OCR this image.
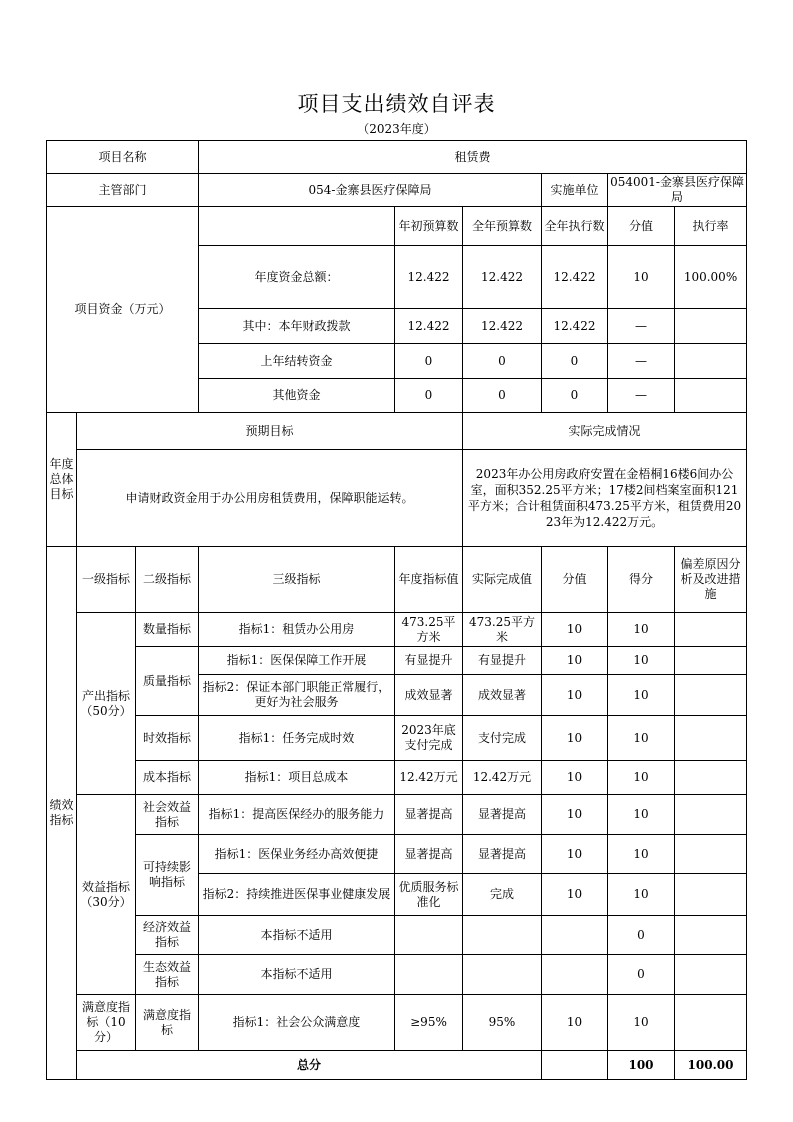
项目支出绩效自评表
（2023年度）
项目名称			租赁费						
主管部门			054-金寨县医疗保障局			实施单位	054001-金寨县医疗保障局		
项目资金（万元）				年初预算数	全年预算数	全年执行数	分值	执行率	
			年度资金总额：	12.422	12.422	12.422	10	100.00%	
			其中：本年财政拨款	12.422	12.422	12.422	—		
			上年结转资金	0	0	0	—		
			其他资金	0	0	0	—		
年度总体目标	预期目标				实际完成情况				
	申请财政资金用于办公用房租赁费用，保障职能运转。				2023年办公用房政府安置在金梧桐16楼6间办公室，面积352.25平方米；17楼2间档案室面积121平方米；合计租赁面积473.25平方米，租赁费用2023年为12.422万元。				
绩效指标	一级指标	二级指标	三级指标	年度指标值	实际完成值	分值	得分	偏差原因分析及改进措施	
	产出指标（50分）	数量指标	指标1：租赁办公用房	473.25平方米	473.25平方米	10	10		
		质量指标	指标1：医保保障工作开展	有显提升	有显提升	10	10		
			指标2：保证本部门职能正常履行，更好为社会服务	成效显著	成效显著	10	10		
		时效指标	指标1：任务完成时效	2023年底支付完成	支付完成	10	10		
		成本指标	指标1：项目总成本	12.42万元	12.42万元	10	10		
	效益指标（30分）	社会效益指标	指标1：提高医保经办的服务能力	显著提高	显著提高	10	10		
		可持续影响指标	指标1：医保业务经办高效便捷	显著提高	显著提高	10	10		
			指标2：持续推进医保事业健康发展	优质服务标准化	完成	10	10		
		经济效益指标	本指标不适用				0		
		生态效益指标	本指标不适用				0		
	满意度指标（10分）	满意度指标	指标1：社会公众满意度	≥95%	95%	10	10		
	总分						100	100.00	
